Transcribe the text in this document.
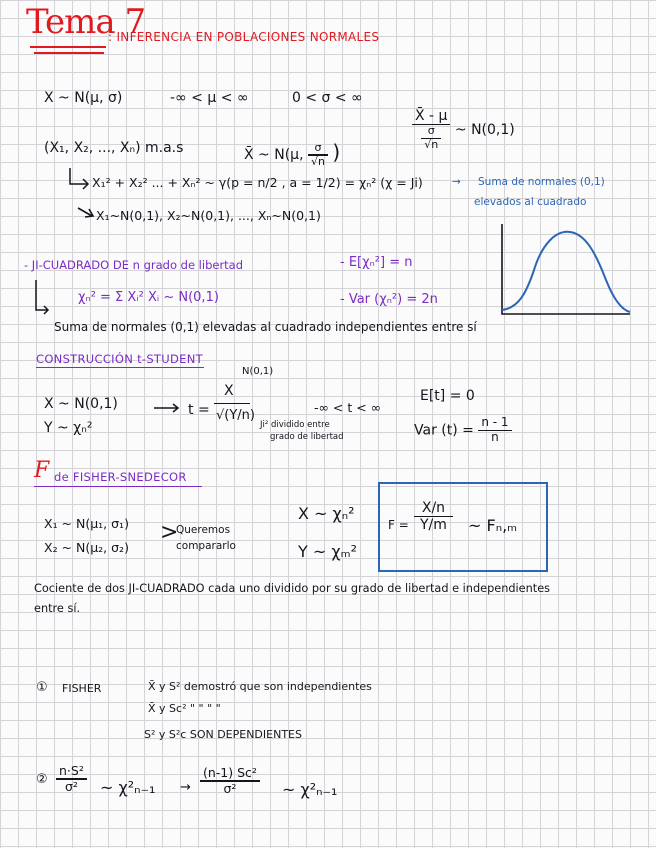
Tema 7
: INFERENCIA EN POBLACIONES NORMALES
X ~ N(μ, σ)	-∞ < μ < ∞	0 < σ < ∞
(X₁, X₂, ..., Xₙ) m.a.s	X̄ ~ N(μ, $\frac{\sigma}{√n}$ )
$\frac{X̄ - \mu}{\frac{\sigma}{√n}}$ ~ N(0,1)
X₁² + X₂² ... + Xₙ² ~ γ(p = n/2 , a = 1/2) = χₙ² (χ = Ji)	→ Suma de normales (0,1)
elevados al cuadrado
X₁~N(0,1), X₂~N(0,1), ..., Xₙ~N(0,1)
- JI-CUADRADO DE n grado de libertad	- E[χₙ²] = n
χₙ² = Σ Xᵢ² Xᵢ ~ N(0,1)	- Var (χₙ²) = 2n
Suma de normales (0,1) elevadas al cuadrado independientes entre sí
CONSTRUCCIÓN t-STUDENT
X ~ N(0,1)
Y ~ χₙ²
t =
N(0,1)
X
√(Y/n)
Ji² dividido entre
grado de libertad
-∞ < t < ∞
E[t] = 0
Var $(t) = \frac{n - 1}{n}$
F de FISHER-SNEDECOR
X₁ ~ N(μ₁, σ₁)
X₂ ~ N(μ₂, σ₂)
>
Queremos
compararlo
X ~ χₙ²
Y ~ χₘ²
$F = \frac{X/n}{Y/m}$ ~ Fₙ,ₘ
Cociente de dos JI-CUADRADO cada uno dividido por su grado de libertad e independientes
entre sí.
① FISHER	X̄ y S² demostró que son independientes
X̄ y Sc² " " " "
S² y S²c SON DEPENDIENTES
② $\frac{\text{n·S²}}{\text{σ²}}$ ~ $\chi^2_{n-1} \to \frac{\text{(n-1) Sc²}}{\text{σ²}}$ ~ χ²ₙ₋₁
